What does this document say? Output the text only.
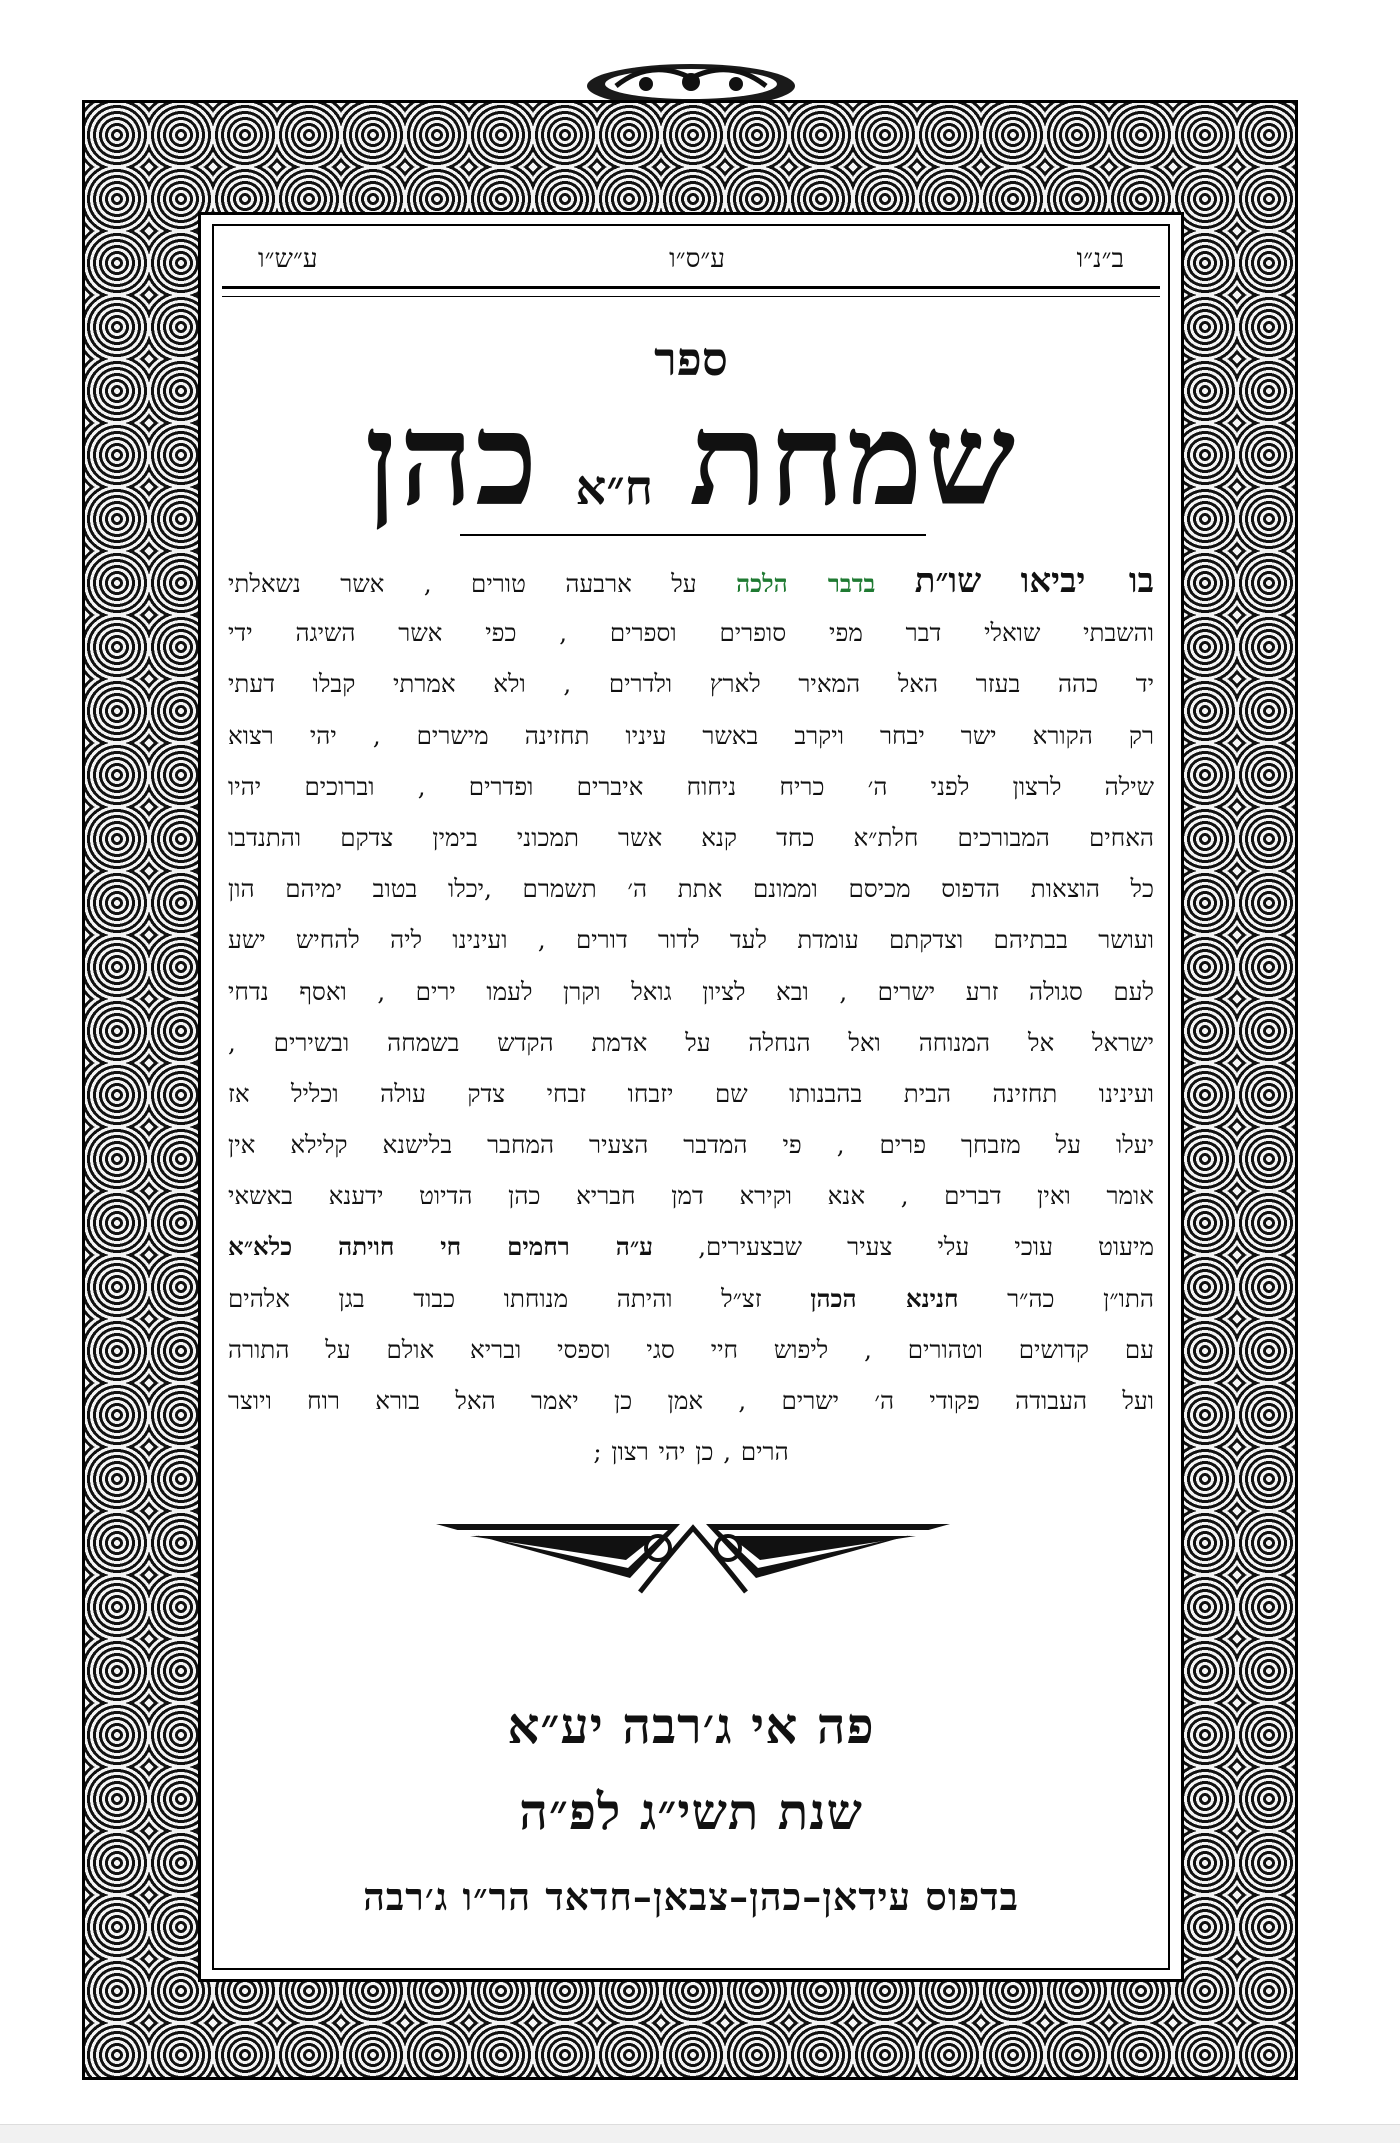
ב״נ״ו
ע״ס״ו
ע״ש״ו
ספר
שמחת
ח״א
כהן
בו יביאו שו״ת בדבר הלכה על ארבעה טורים , אשר נשאלתי
והשבתי שואלי דבר מפי סופרים וספרים , כפי אשר השיגה ידי
יד כהה בעזר האל המאיר לארץ ולדרים , ולא אמרתי קבלו דעתי
רק הקורא ישר יבחר ויקרב באשר עיניו תחזינה מישרים , יהי רצוא
שילה לרצון לפני ה׳ כריח ניחוח איברים ופדרים , וברוכים יהיו
האחים המבורכים חלת״א כחד קנא אשר תמכוני בימין צדקם והתנדבו
כל הוצאות הדפוס מכיסם וממונם אתת ה׳ תשמרם ,יכלו בטוב ימיהם הון
ועושר בבתיהם וצדקתם עומדת לעד לדור דורים , ועינינו ליה להחיש ישע
לעם סגולה זרע ישרים , ובא לציון גואל וקרן לעמו ירים , ואסף נדחי
ישראל אל המנוחה ואל הנחלה על אדמת הקדש בשמחה ובשירים ,
ועינינו תחזינה הבית בהבנותו שם יזבחו זבחי צדק עולה וכליל אז
יעלו על מזבחך פרים , פי המדבר הצעיר המחבר בלישנא קלילא אין
אומר ואין דברים , אנא וקירא דמן חבריא כהן הדיוט ידענא באשאי
מיעוט עוכי עלי צעיר שבצעירים, ע״ה רחמים חי חויתה כלא״א
התו״ן כה״ר חנינא הכהן זצ״ל והיתה מנוחתו כבוד בגן אלהים
עם קדושים וטהורים , ליפוש חיי סגי וספסי ובריא אולם על התורה
ועל העבודה פקודי ה׳ ישרים , אמן כן יאמר האל בורא רוח ויוצר
הרים , כן יהי רצון ;
פה אי ג׳רבה יע״א
שנת תשי״ג לפ״ה
בדפוס עידאן–כהן–צבאן–חדאד הר״ו ג׳רבה
